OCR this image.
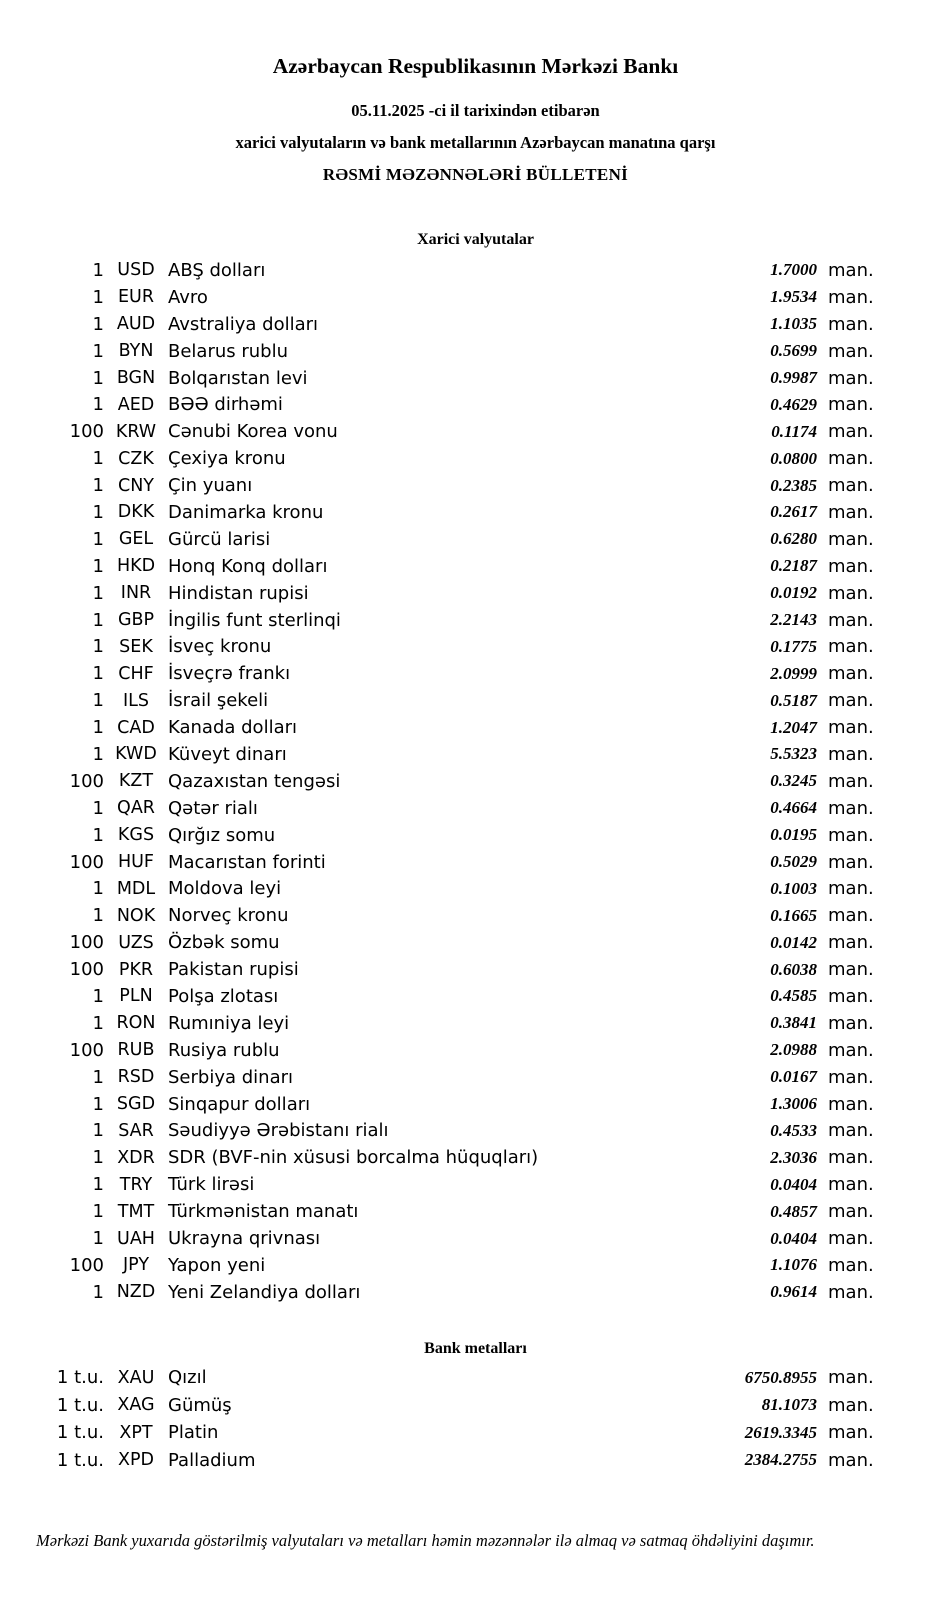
Azərbaycan Respublikasının Mərkəzi Bankı
05.11.2025 -ci il tarixindən etibarən
xarici valyutaların və bank metallarının Azərbaycan manatına qarşı
RƏSMİ MƏZƏNNƏLƏRİ BÜLLETENİ
Xarici valyutalar
1 USD ABŞ dolları	1.7000 man.
1 EUR Avro	1.9534 man.
1 AUD Avstraliya dolları	1.1035 man.
1 BYN Belarus rublu	0.5699 man.
1 BGN Bolqarıstan levi	0.9987 man.
1 AED BƏƏ dirhəmi	0.4629 man.
100 KRW Cənubi Korea vonu	0.1174 man.
1 CZK Çexiya kronu	0.0800 man.
1 CNY Çin yuanı	0.2385 man.
1 DKK Danimarka kronu	0.2617 man.
1 GEL Gürcü larisi	0.6280 man.
1 HKD Honq Konq dolları	0.2187 man.
1 INR Hindistan rupisi	0.0192 man.
1 GBP İngilis funt sterlinqi	2.2143 man.
1 SEK İsveç kronu	0.1775 man.
1 CHF İsveçrə frankı	2.0999 man.
1	ILS	İsrail şekeli	0.5187 man.
1 CAD Kanada dolları	1.2047 man.
1 KWD Küveyt dinarı	5.5323 man.
100 KZT Qazaxıstan tengəsi	0.3245 man.
1 QAR Qətər rialı	0.4664 man.
1 KGS Qırğız somu	0.0195 man.
100 HUF Macarıstan forinti	0.5029 man.
1 MDL Moldova leyi	0.1003 man.
1 NOK Norveç kronu	0.1665 man.
100 UZS Özbək somu	0.0142 man.
100 PKR Pakistan rupisi	0.6038 man.
1 PLN Polşa zlotası	0.4585 man.
1 RON Rumıniya leyi	0.3841 man.
100 RUB Rusiya rublu	2.0988 man.
1 RSD Serbiya dinarı	0.0167 man.
1 SGD Sinqapur dolları	1.3006 man.
1 SAR Səudiyyə Ərəbistanı rialı	0.4533 man.
1 XDR SDR (BVF-nin xüsusi borcalma hüquqları)	2.3036 man.
1 TRY Türk lirəsi	0.0404 man.
1 TMT Türkmənistan manatı	0.4857 man.
1 UAH Ukrayna qrivnası	0.0404 man.
100	JPY	Yapon yeni	1.1076 man.
1 NZD Yeni Zelandiya dolları	0.9614 man.
Bank metalları
1 t.u. XAU Qızıl	6750.8955 man.
1 t.u. XAG Gümüş	81.1073 man.
1 t.u. XPT Platin	2619.3345 man.
1 t.u. XPD Palladium	2384.2755 man.
Mərkəzi Bank yuxarıda göstərilmiş valyutaları və metalları həmin məzənnələr ilə almaq və satmaq öhdəliyini daşımır.
